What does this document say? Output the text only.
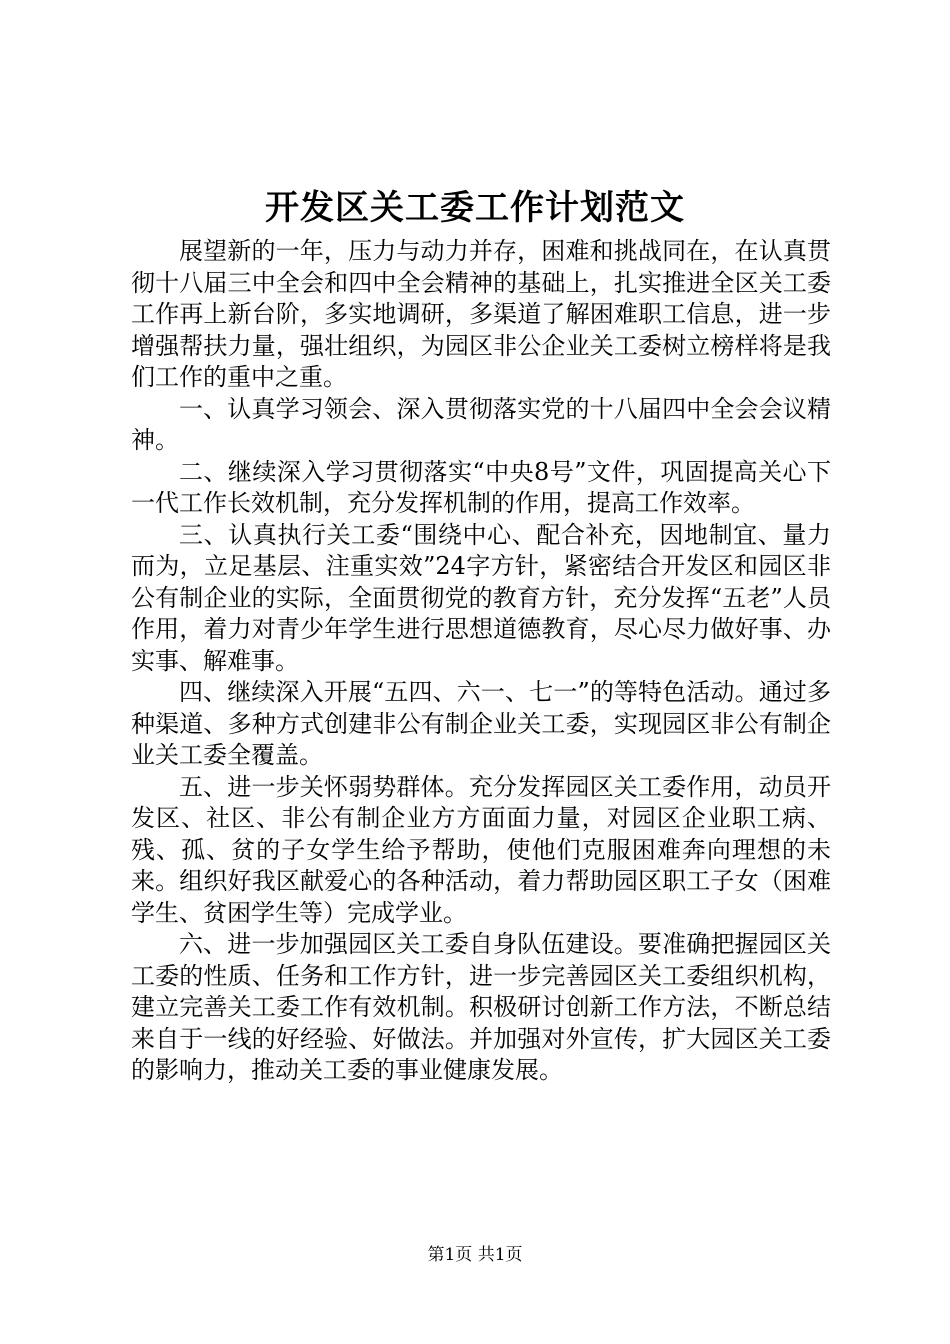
开发区关工委工作计划范文

展望新的一年，压力与动力并存，困难和挑战同在，在认真贯彻十八届三中全会和四中全会精神的基础上，扎实推进全区关工委工作再上新台阶，多实地调研，多渠道了解困难职工信息，进一步增强帮扶力量，强壮组织，为园区非公企业关工委树立榜样将是我们工作的重中之重。

一、认真学习领会、深入贯彻落实党的十八届四中全会会议精神。

二、继续深入学习贯彻落实“中央8号”文件，巩固提高关心下一代工作长效机制，充分发挥机制的作用，提高工作效率。

三、认真执行关工委“围绕中心、配合补充，因地制宜、量力而为，立足基层、注重实效”24字方针，紧密结合开发区和园区非公有制企业的实际，全面贯彻党的教育方针，充分发挥“五老”人员作用，着力对青少年学生进行思想道德教育，尽心尽力做好事、办实事、解难事。

四、继续深入开展“五四、六一、七一”的等特色活动。通过多种渠道、多种方式创建非公有制企业关工委，实现园区非公有制企业关工委全覆盖。

五、进一步关怀弱势群体。充分发挥园区关工委作用，动员开发区、社区、非公有制企业方方面面力量，对园区企业职工病、残、孤、贫的子女学生给予帮助，使他们克服困难奔向理想的未来。组织好我区献爱心的各种活动，着力帮助园区职工子女（困难学生、贫困学生等）完成学业。

六、进一步加强园区关工委自身队伍建设。要准确把握园区关工委的性质、任务和工作方针，进一步完善园区关工委组织机构，建立完善关工委工作有效机制。积极研讨创新工作方法，不断总结来自于一线的好经验、好做法。并加强对外宣传，扩大园区关工委的影响力，推动关工委的事业健康发展。

第1页 共1页
